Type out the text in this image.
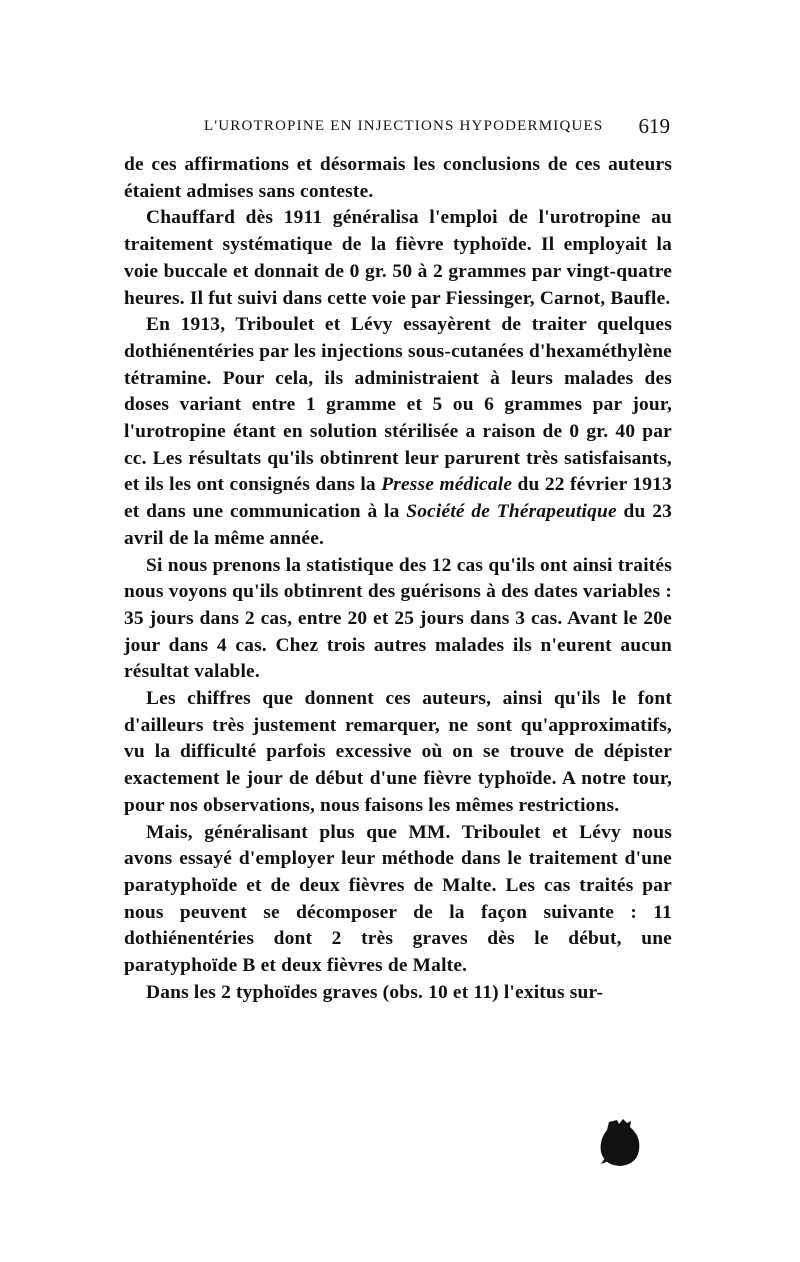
L'UROTROPINE EN INJECTIONS HYPODERMIQUES 619

de ces affirmations et désormais les conclusions de ces auteurs étaient admises sans conteste.

Chauffard dès 1911 généralisa l'emploi de l'urotropine au traitement systématique de la fièvre typhoïde. Il employait la voie buccale et donnait de 0 gr. 50 à 2 grammes par vingt-quatre heures. Il fut suivi dans cette voie par Fiessinger, Carnot, Baufle.

En 1913, Triboulet et Lévy essayèrent de traiter quelques dothiénentéries par les injections sous-cutanées d'hexaméthylène tétramine. Pour cela, ils administraient à leurs malades des doses variant entre 1 gramme et 5 ou 6 grammes par jour, l'urotropine étant en solution stérilisée a raison de 0 gr. 40 par cc. Les résultats qu'ils obtinrent leur parurent très satisfaisants, et ils les ont consignés dans la Presse médicale du 22 février 1913 et dans une communication à la Société de Thérapeutique du 23 avril de la même année.

Si nous prenons la statistique des 12 cas qu'ils ont ainsi traités nous voyons qu'ils obtinrent des guérisons à des dates variables : 35 jours dans 2 cas, entre 20 et 25 jours dans 3 cas. Avant le 20e jour dans 4 cas. Chez trois autres malades ils n'eurent aucun résultat valable.

Les chiffres que donnent ces auteurs, ainsi qu'ils le font d'ailleurs très justement remarquer, ne sont qu'approximatifs, vu la difficulté parfois excessive où on se trouve de dépister exactement le jour de début d'une fièvre typhoïde. A notre tour, pour nos observations, nous faisons les mêmes restrictions.

Mais, généralisant plus que MM. Triboulet et Lévy nous avons essayé d'employer leur méthode dans le traitement d'une paratyphoïde et de deux fièvres de Malte. Les cas traités par nous peuvent se décomposer de la façon suivante : 11 dothiénentéries dont 2 très graves dès le début, une paratyphoïde B et deux fièvres de Malte.

Dans les 2 typhoïdes graves (obs. 10 et 11) l'exitus sur-
